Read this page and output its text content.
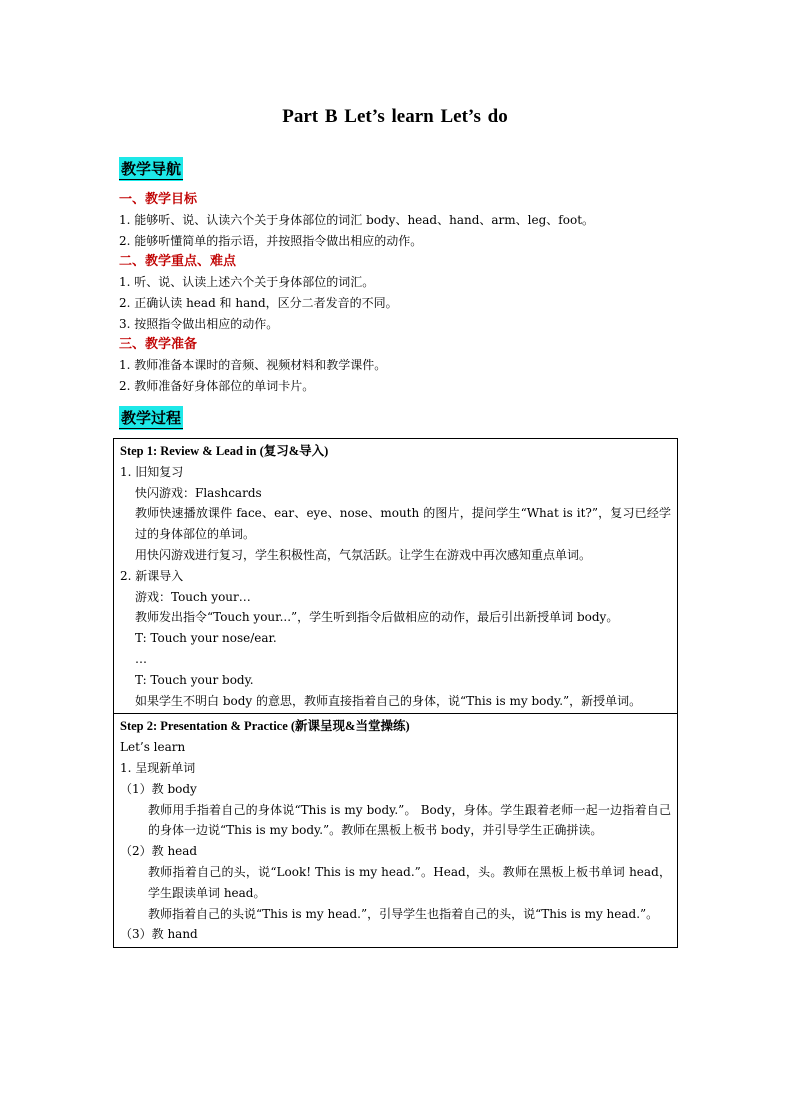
Part B Let’s learn Let’s do
教学导航

一、教学目标

1. 能够听、说、认读六个关于身体部位的词汇 body、head、hand、arm、leg、foot。

2. 能够听懂简单的指示语，并按照指令做出相应的动作。

二、教学重点、难点

1. 听、说、认读上述六个关于身体部位的词汇。

2. 正确认读 head 和 hand，区分二者发音的不同。

3. 按照指令做出相应的动作。

三、教学准备

1. 教师准备本课时的音频、视频材料和教学课件。

2. 教师准备好身体部位的单词卡片。

教学过程

Step 1: Review & Lead in (复习&导入)

1. 旧知复习

快闪游戏：Flashcards

教师快速播放课件 face、ear、eye、nose、mouth 的图片，提问学生“What is it?”，复习已经学过的身体部位的单词。

用快闪游戏进行复习，学生积极性高，气氛活跃。让学生在游戏中再次感知重点单词。

2. 新课导入

游戏：Touch your…

教师发出指令“Touch your...”，学生听到指令后做相应的动作，最后引出新授单词 body。

T: Touch your nose/ear.

…

T: Touch your body.

如果学生不明白 body 的意思，教师直接指着自己的身体，说“This is my body.”，新授单词。

Step 2: Presentation & Practice (新课呈现&当堂操练)

Let’s learn

1. 呈现新单词

（1）教 body

教师用手指着自己的身体说“This is my body.”。 Body，身体。学生跟着老师一起一边指着自己的身体一边说“This is my body.”。教师在黑板上板书 body，并引导学生正确拼读。

（2）教 head

教师指着自己的头，说“Look! This is my head.”。Head，头。教师在黑板上板书单词 head，学生跟读单词 head。

教师指着自己的头说“This is my head.”，引导学生也指着自己的头，说“This is my head.”。

（3）教 hand
